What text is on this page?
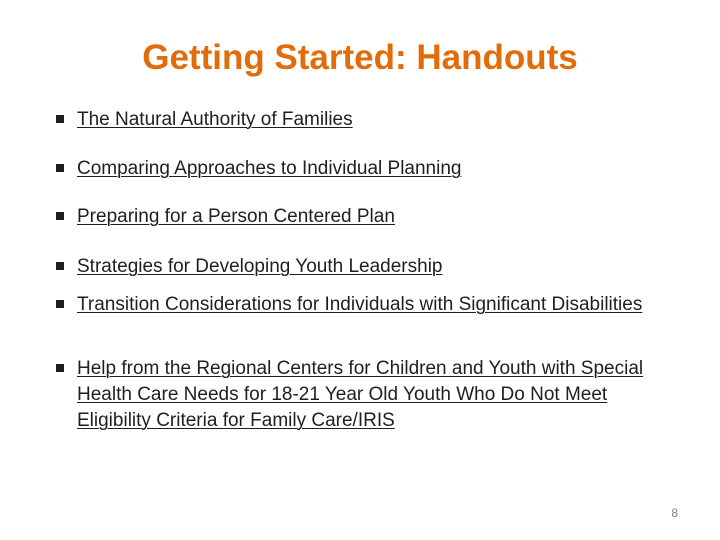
Getting Started: Handouts
The Natural Authority of Families
Comparing Approaches to Individual Planning
Preparing for a Person Centered Plan
Strategies for Developing Youth Leadership
Transition Considerations for Individuals with Significant Disabilities
Help from the Regional Centers for Children and Youth with Special Health Care Needs for 18-21 Year Old Youth Who Do Not Meet Eligibility Criteria for Family Care/IRIS
8
